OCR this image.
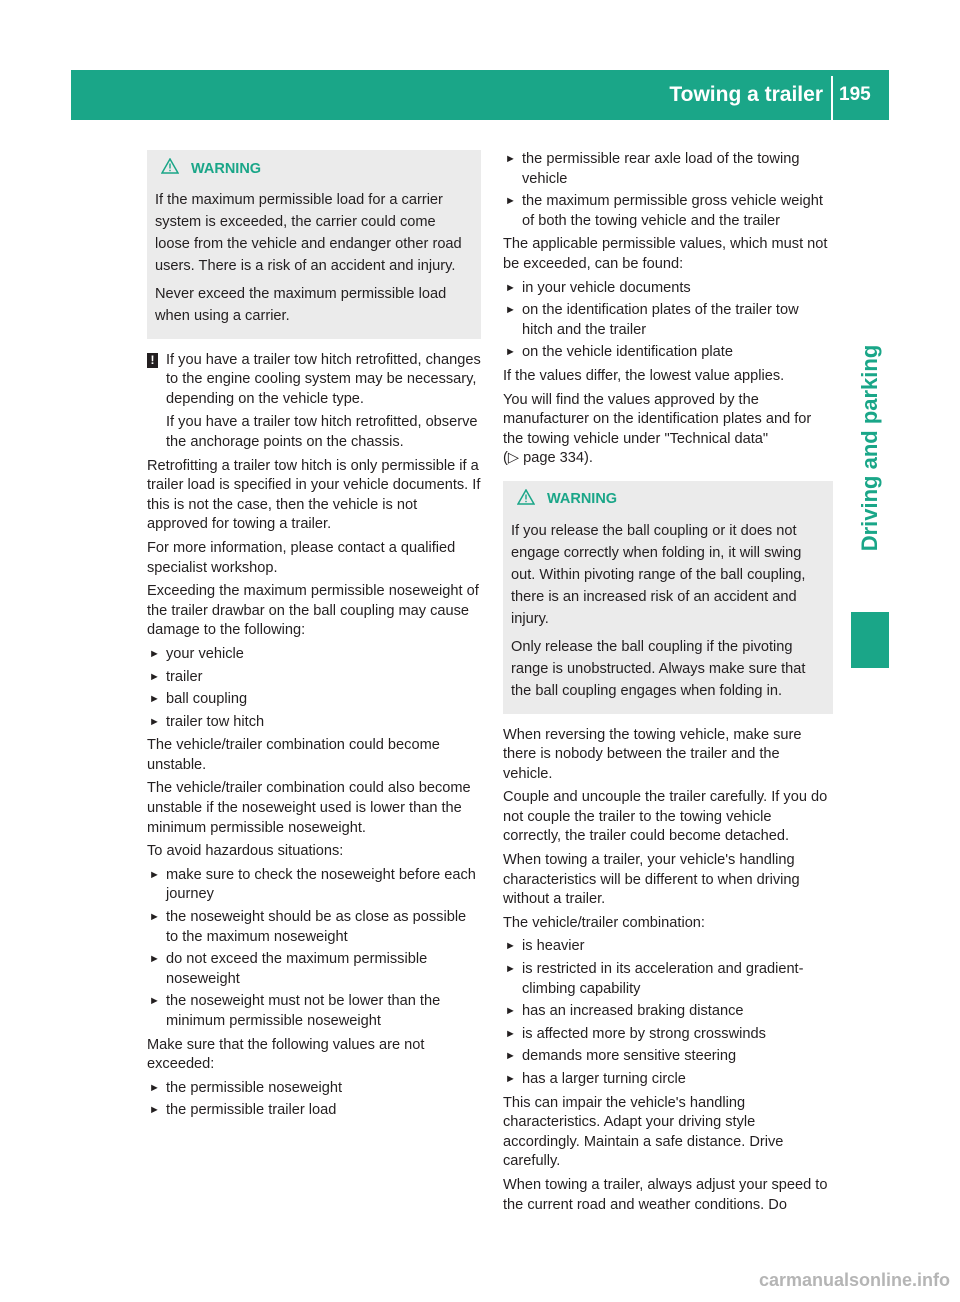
Towing a trailer 195
Driving and parking
WARNING

If the maximum permissible load for a carrier system is exceeded, the carrier could come loose from the vehicle and endanger other road users. There is a risk of an accident and injury.

Never exceed the maximum permissible load when using a carrier.

! If you have a trailer tow hitch retrofitted, changes to the engine cooling system may be necessary, depending on the vehicle type.

If you have a trailer tow hitch retrofitted, observe the anchorage points on the chassis.

Retrofitting a trailer tow hitch is only permissible if a trailer load is specified in your vehicle documents. If this is not the case, then the vehicle is not approved for towing a trailer.

For more information, please contact a qualified specialist workshop.

Exceeding the maximum permissible noseweight of the trailer drawbar on the ball coupling may cause damage to the following:

► your vehicle
► trailer
► ball coupling
► trailer tow hitch

The vehicle/trailer combination could become unstable.

The vehicle/trailer combination could also become unstable if the noseweight used is lower than the minimum permissible noseweight.

To avoid hazardous situations:

► make sure to check the noseweight before each journey
► the noseweight should be as close as possible to the maximum noseweight
► do not exceed the maximum permissible noseweight
► the noseweight must not be lower than the minimum permissible noseweight

Make sure that the following values are not exceeded:

► the permissible noseweight
► the permissible trailer load
► the permissible rear axle load of the towing vehicle
► the maximum permissible gross vehicle weight of both the towing vehicle and the trailer

The applicable permissible values, which must not be exceeded, can be found:

► in your vehicle documents
► on the identification plates of the trailer tow hitch and the trailer
► on the vehicle identification plate

If the values differ, the lowest value applies.

You will find the values approved by the manufacturer on the identification plates and for the towing vehicle under "Technical data"
(▷ page 334).

WARNING

If you release the ball coupling or it does not engage correctly when folding in, it will swing out. Within pivoting range of the ball coupling, there is an increased risk of an accident and injury.

Only release the ball coupling if the pivoting range is unobstructed. Always make sure that the ball coupling engages when folding in.

When reversing the towing vehicle, make sure there is nobody between the trailer and the vehicle.

Couple and uncouple the trailer carefully. If you do not couple the trailer to the towing vehicle correctly, the trailer could become detached.

When towing a trailer, your vehicle's handling characteristics will be different to when driving without a trailer.

The vehicle/trailer combination:

► is heavier
► is restricted in its acceleration and gradient-climbing capability
► has an increased braking distance
► is affected more by strong crosswinds
► demands more sensitive steering
► has a larger turning circle

This can impair the vehicle's handling characteristics. Adapt your driving style accordingly. Maintain a safe distance. Drive carefully.

When towing a trailer, always adjust your speed to the current road and weather conditions. Do

carmanualsonline.info
